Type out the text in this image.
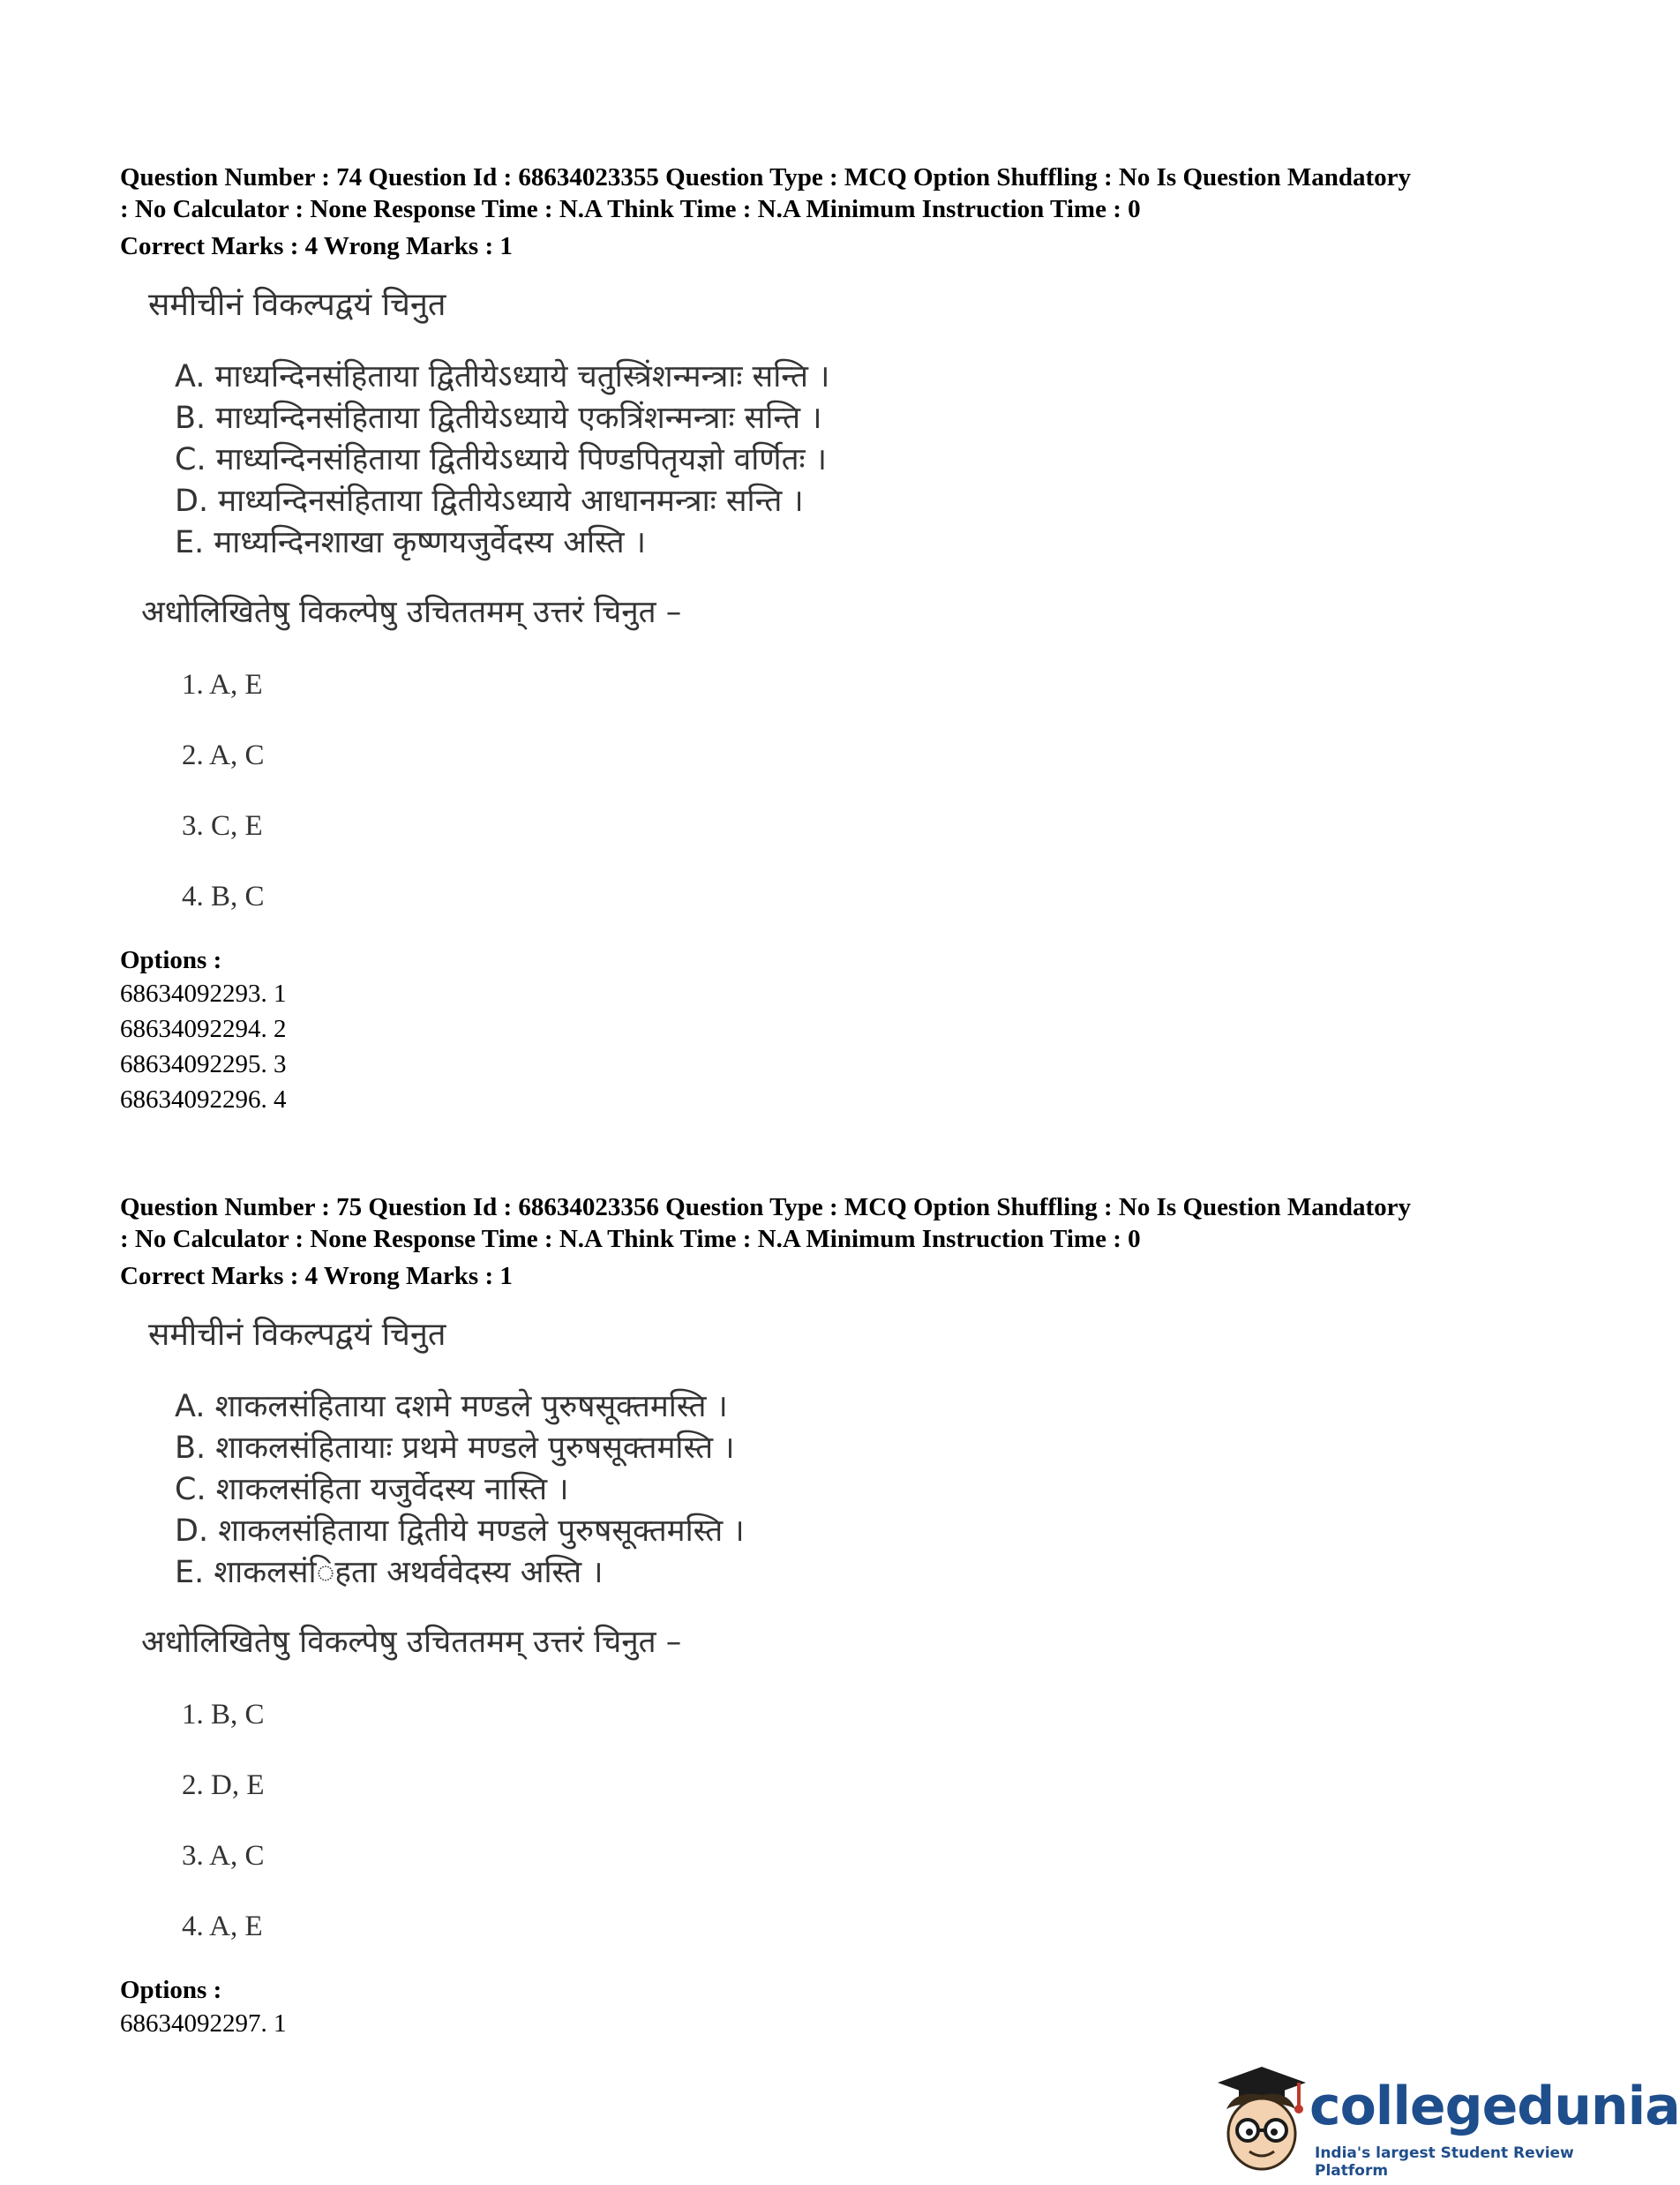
Question Number : 74 Question Id : 68634023355 Question Type : MCQ Option Shuffling : No Is Question Mandatory
: No Calculator : None Response Time : N.A Think Time : N.A Minimum Instruction Time : 0
Correct Marks : 4 Wrong Marks : 1
समीचीनं विकल्पद्वयं चिनुत
A. माध्यन्दिनसंहिताया द्वितीयेऽध्याये चतुस्त्रिंशन्मन्त्राः सन्ति ।
B. माध्यन्दिनसंहिताया द्वितीयेऽध्याये एकत्रिंशन्मन्त्राः सन्ति ।
C. माध्यन्दिनसंहिताया द्वितीयेऽध्याये पिण्डपितृयज्ञो वर्णितः ।
D. माध्यन्दिनसंहिताया द्वितीयेऽध्याये आधानमन्त्राः सन्ति ।
E. माध्यन्दिनशाखा कृष्णयजुर्वेदस्य अस्ति ।
अधोलिखितेषु विकल्पेषु उचिततमम् उत्तरं चिनुत –
1. A, E
2. A, C
3. C, E
4. B, C
Options :
68634092293. 1
68634092294. 2
68634092295. 3
68634092296. 4
Question Number : 75 Question Id : 68634023356 Question Type : MCQ Option Shuffling : No Is Question Mandatory
: No Calculator : None Response Time : N.A Think Time : N.A Minimum Instruction Time : 0
Correct Marks : 4 Wrong Marks : 1
समीचीनं विकल्पद्वयं चिनुत
A. शाकलसंहिताया दशमे मण्डले पुरुषसूक्तमस्ति ।
B. शाकलसंहितायाः प्रथमे मण्डले पुरुषसूक्तमस्ति ।
C. शाकलसंहिता यजुर्वेदस्य नास्ति ।
D. शाकलसंहिताया द्वितीये मण्डले पुरुषसूक्तमस्ति ।
E. शाकलसंिहता अथर्ववेदस्य अस्ति ।
अधोलिखितेषु विकल्पेषु उचिततमम् उत्तरं चिनुत –
1. B, C
2. D, E
3. A, C
4. A, E
Options :
68634092297. 1
collegedunia
India's largest Student Review Platform
